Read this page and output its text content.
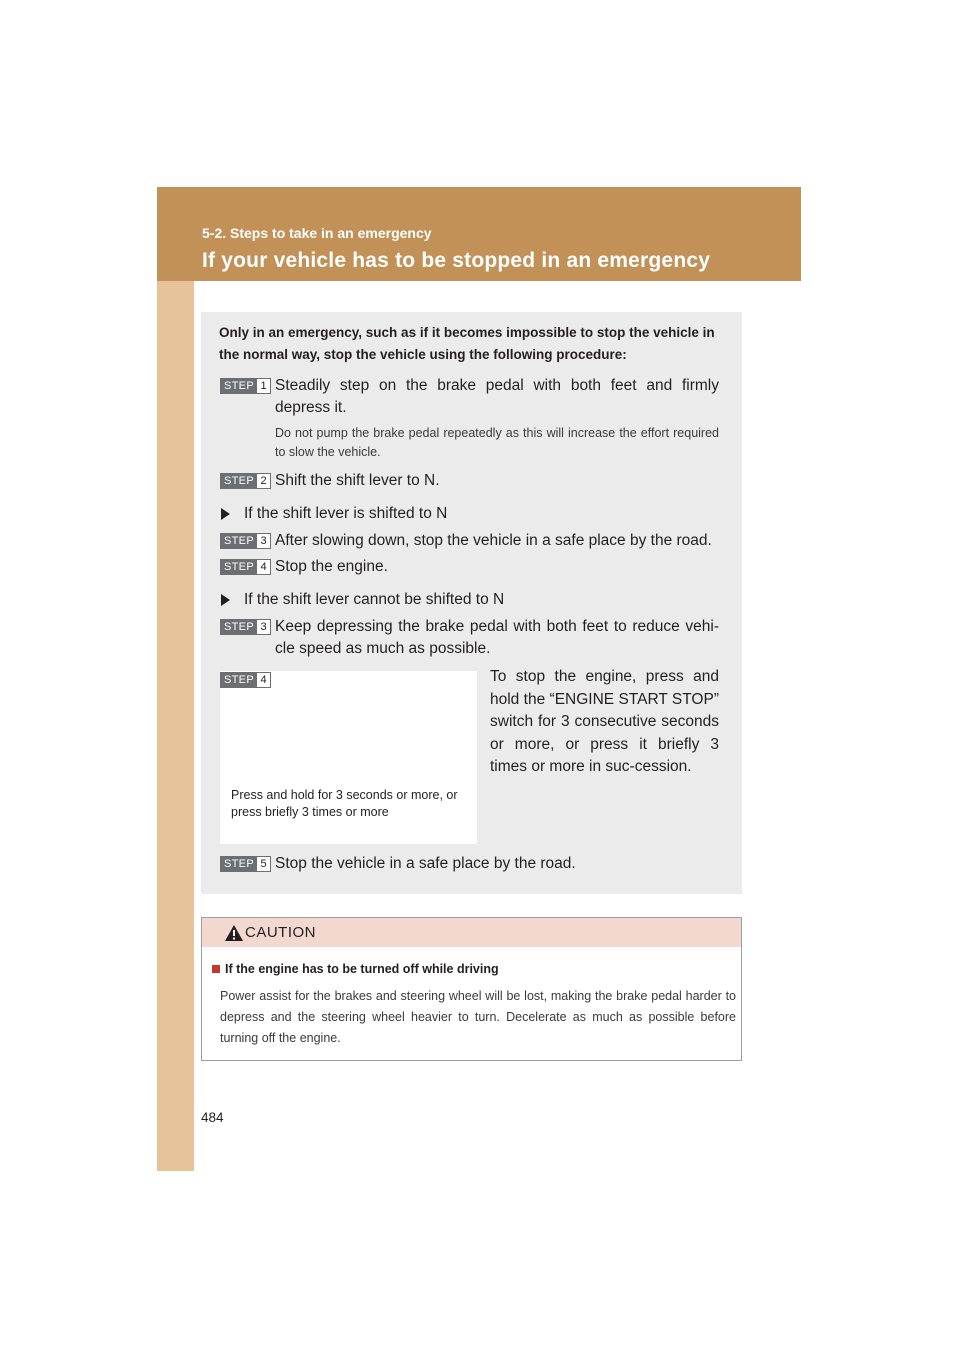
5-2. Steps to take in an emergency
If your vehicle has to be stopped in an emergency
Only in an emergency, such as if it becomes impossible to stop the vehicle in the normal way, stop the vehicle using the following procedure:
STEP 1 Steadily step on the brake pedal with both feet and firmly depress it.
Do not pump the brake pedal repeatedly as this will increase the effort required to slow the vehicle.
STEP 2 Shift the shift lever to N.
If the shift lever is shifted to N
STEP 3 After slowing down, stop the vehicle in a safe place by the road.
STEP 4 Stop the engine.
If the shift lever cannot be shifted to N
STEP 3 Keep depressing the brake pedal with both feet to reduce vehi-cle speed as much as possible.
Press and hold for 3 seconds or more, or press briefly 3 times or more
STEP 4	To stop the engine, press and hold the “ENGINE START STOP” switch for 3 consecutive seconds or more, or press it briefly 3 times or more in suc-cession.
STEP 5 Stop the vehicle in a safe place by the road.
CAUTION
If the engine has to be turned off while driving
Power assist for the brakes and steering wheel will be lost, making the brake pedal harder to depress and the steering wheel heavier to turn. Decelerate as much as possible before turning off the engine.
484
